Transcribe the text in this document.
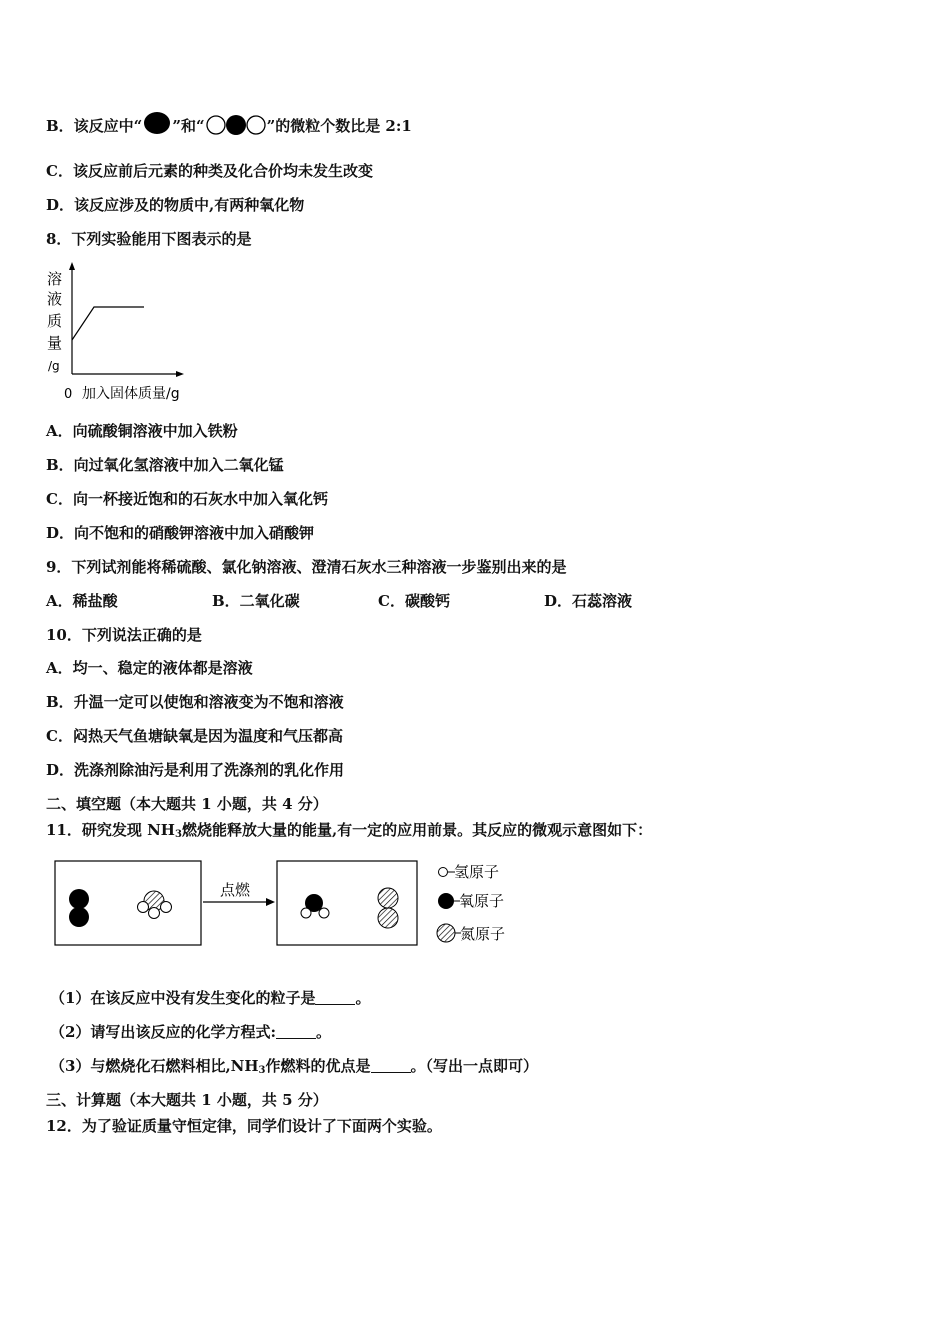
B．该反应中“ ”和“	”的微粒个数比是 2:1
C．该反应前后元素的种类及化合价均未发生改变
D．该反应涉及的物质中,有两种氧化物
8．下列实验能用下图表示的是
溶
液
质
量
/g
0 加入固体质量/g
A．向硫酸铜溶液中加入铁粉
B．向过氧化氢溶液中加入二氧化锰
C．向一杯接近饱和的石灰水中加入氧化钙
D．向不饱和的硝酸钾溶液中加入硝酸钾
9．下列试剂能将稀硫酸、氯化钠溶液、澄清石灰水三种溶液一步鉴别出来的是
A．稀盐酸	B．二氧化碳	C．碳酸钙	D．石蕊溶液
10．下列说法正确的是
A．均一、稳定的液体都是溶液
B．升温一定可以使饱和溶液变为不饱和溶液
C．闷热天气鱼塘缺氧是因为温度和气压都高
D．洗涤剂除油污是利用了洗涤剂的乳化作用
二、填空题（本大题共 1 小题，共 4 分）
11．研究发现 $NH_3$燃烧能释放大量的能量,有一定的应用前景。其反应的微观示意图如下：
点燃
氢原子
氧原子
氮原子
（1）在该反应中没有发生变化的粒子是	。
（2）请写出该反应的化学方程式:	。
（3）与燃烧化石燃料相比$,NH_3$作燃料的优点是	。（写出一点即可）
三、计算题（本大题共 1 小题，共 5 分）
12．为了验证质量守恒定律，同学们设计了下面两个实验。
